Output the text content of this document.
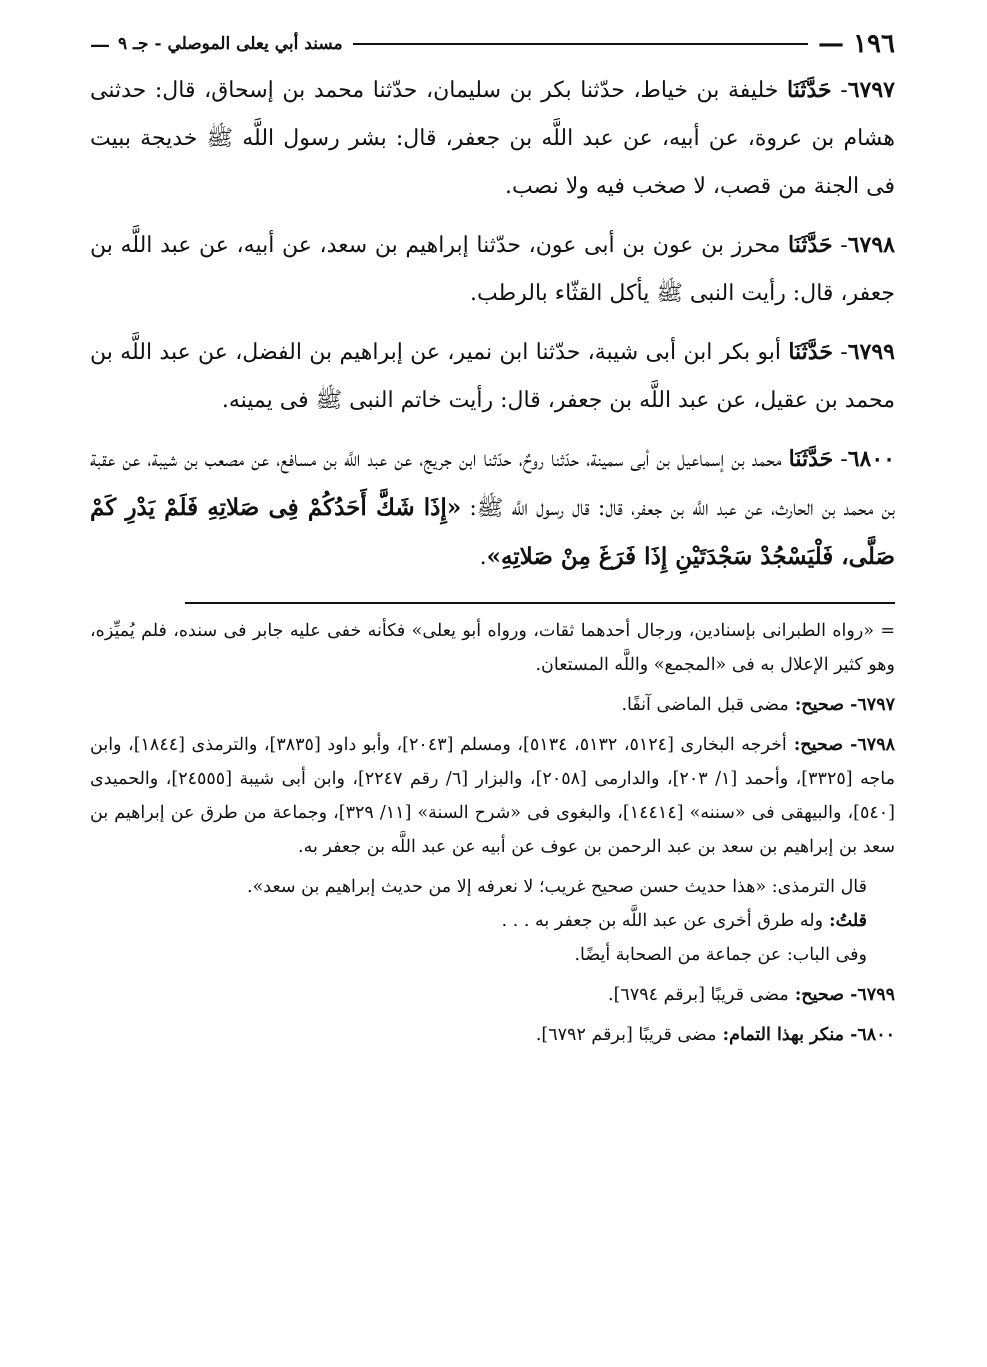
١٩٦ —
مسند أبي يعلى الموصلي - جـ ٩
—

٦٧٩٧- حَدَّثَنَا خليفة بن خياط، حدّثنا بكر بن سليمان، حدّثنا محمد بن إسحاق، قال: حدثنى هشام بن عروة، عن أبيه، عن عبد اللَّه بن جعفر، قال: بشر رسول اللَّه ﷺ خديجة ببيت فى الجنة من قصب، لا صخب فيه ولا نصب.

٦٧٩٨- حَدَّثَنَا محرز بن عون بن أبى عون، حدّثنا إبراهيم بن سعد، عن أبيه، عن عبد اللَّه بن جعفر، قال: رأيت النبى ﷺ يأكل القثّاء بالرطب.

٦٧٩٩- حَدَّثَنَا أبو بكر ابن أبى شيبة، حدّثنا ابن نمير، عن إبراهيم بن الفضل، عن عبد اللَّه بن محمد بن عقيل، عن عبد اللَّه بن جعفر، قال: رأيت خاتم النبى ﷺ فى يمينه.

٦٨٠٠- حَدَّثَنَا محمد بن إسماعيل بن أبى سمينة، حدّثنا روحٌ، حدّثنا ابن جريج، عن عبد اللَّه بن مسافع، عن مصعب بن شيبة، عن عقبة بن محمد بن الحارث، عن عبد اللَّه بن جعفر، قال: قال رسول اللَّه ﷺ: «إِذَا شَكَّ أَحَدُكُمْ فِى صَلاتِهِ فَلَمْ يَدْرِ كَمْ صَلَّى، فَلْيَسْجُدْ سَجْدَتَيْنِ إِذَا فَرَغَ مِنْ صَلاتِهِ».

= «رواه الطبرانى بإسنادين، ورجال أحدهما ثقات، ورواه أبو يعلى» فكأنه خفى عليه جابر فى سنده، فلم يُميِّزه، وهو كثير الإعلال به فى «المجمع» واللَّه المستعان.

٦٧٩٧- صحيح: مضى قبل الماضى آنفًا.

٦٧٩٨- صحيح: أخرجه البخارى [٥١٢٤، ٥١٣٢، ٥١٣٤]، ومسلم [٢٠٤٣]، وأبو داود [٣٨٣٥]، والترمذى [١٨٤٤]، وابن ماجه [٣٣٢٥]، وأحمد [١/ ٢٠٣]، والدارمى [٢٠٥٨]، والبزار [٦/ رقم ٢٢٤٧]، وابن أبى شيبة [٢٤٥٥٥]، والحميدى [٥٤٠]، والبيهقى فى «سننه» [١٤٤١٤]، والبغوى فى «شرح السنة» [١١/ ٣٢٩]، وجماعة من طرق عن إبراهيم بن سعد بن إبراهيم بن سعد بن عبد الرحمن بن عوف عن أبيه عن عبد اللَّه بن جعفر به.

قال الترمذى: «هذا حديث حسن صحيح غريب؛ لا نعرفه إلا من حديث إبراهيم بن سعد».

قلتُ: وله طرق أخرى عن عبد اللَّه بن جعفر به . . .

وفى الباب: عن جماعة من الصحابة أيضًا.

٦٧٩٩- صحيح: مضى قريبًا [برقم ٦٧٩٤].

٦٨٠٠- منكر بهذا التمام: مضى قريبًا [برقم ٦٧٩٢].
